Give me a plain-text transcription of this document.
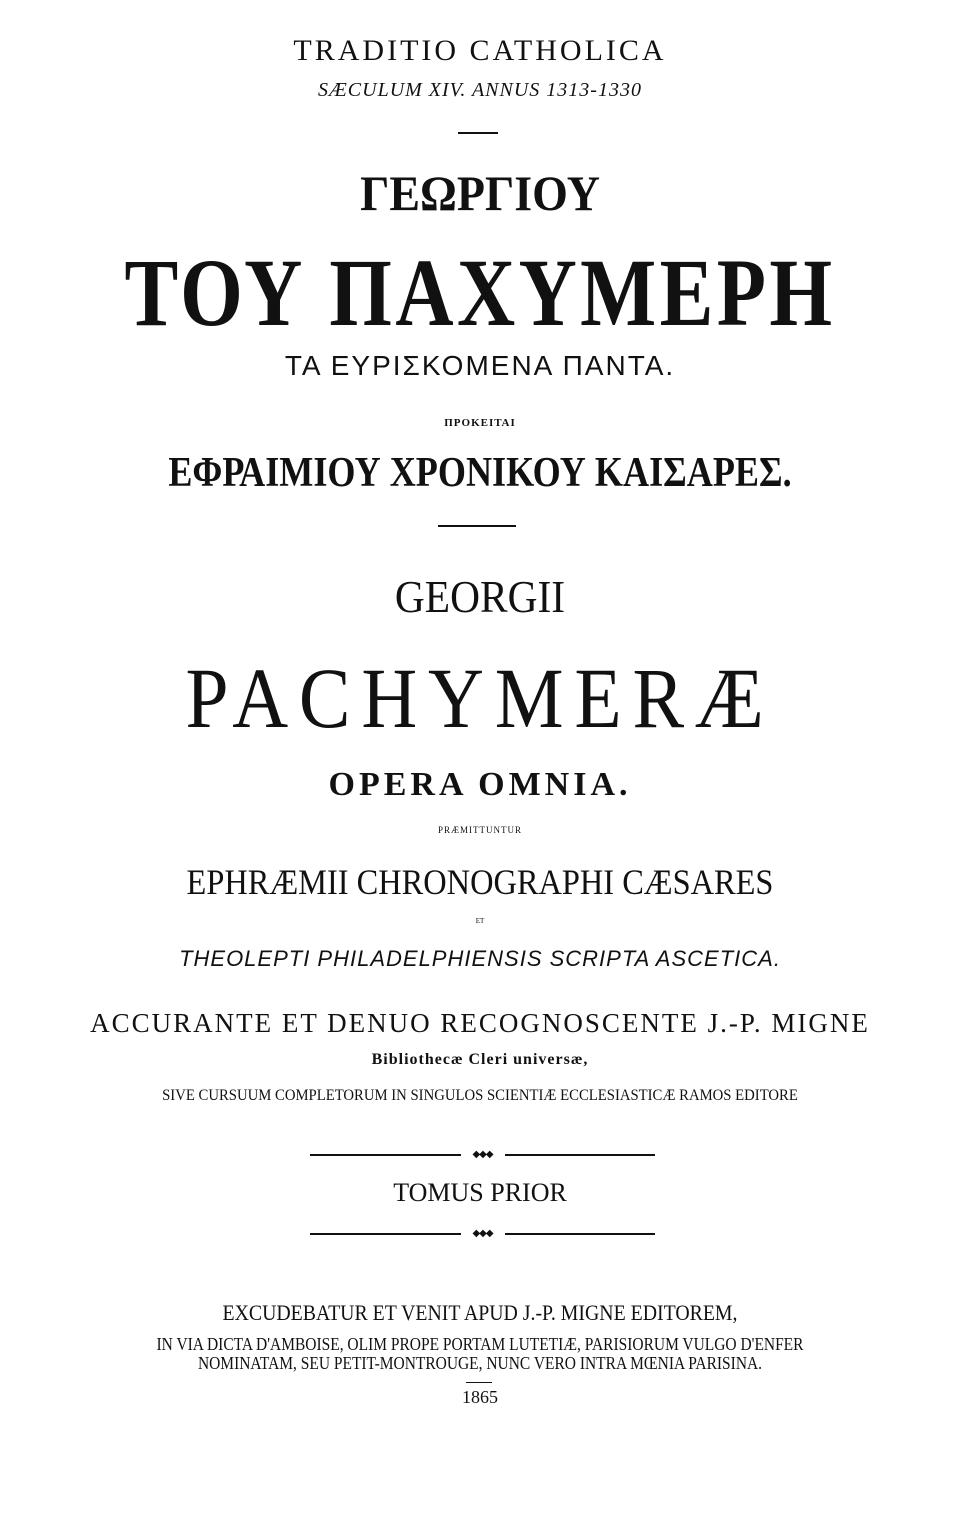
TRADITIO CATHOLICA
SÆCULUM XIV. ANNUS 1313-1330
ΓΕΩΡΓΙΟΥ
ΤΟΥ ΠΑΧΥΜΕΡΗ
ΤΑ ΕΥΡΙΣΚΟΜΕΝΑ ΠΑΝΤΑ.
ΠΡΟΚΕΙΤΑΙ
ΕΦΡΑΙΜΙΟΥ ΧΡΟΝΙΚΟΥ ΚΑΙΣΑΡΕΣ.
GEORGII
PACHYMERÆ
OPERA OMNIA.
PRÆMITTUNTUR
EPHRÆMII CHRONOGRAPHI CÆSARES
ET
THEOLEPTI PHILADELPHIENSIS SCRIPTA ASCETICA.
ACCURANTE ET DENUO RECOGNOSCENTE J.-P. MIGNE
Bibliothecæ Cleri universæ,
SIVE CURSUUM COMPLETORUM IN SINGULOS SCIENTIÆ ECCLESIASTICÆ RAMOS EDITORE
◆◆◆
TOMUS PRIOR
◆◆◆
EXCUDEBATUR ET VENIT APUD J.-P. MIGNE EDITOREM,
IN VIA DICTA D'AMBOISE, OLIM PROPE PORTAM LUTETIÆ, PARISIORUM VULGO D'ENFER
NOMINATAM, SEU PETIT-MONTROUGE, NUNC VERO INTRA MŒNIA PARISINA.
1865
